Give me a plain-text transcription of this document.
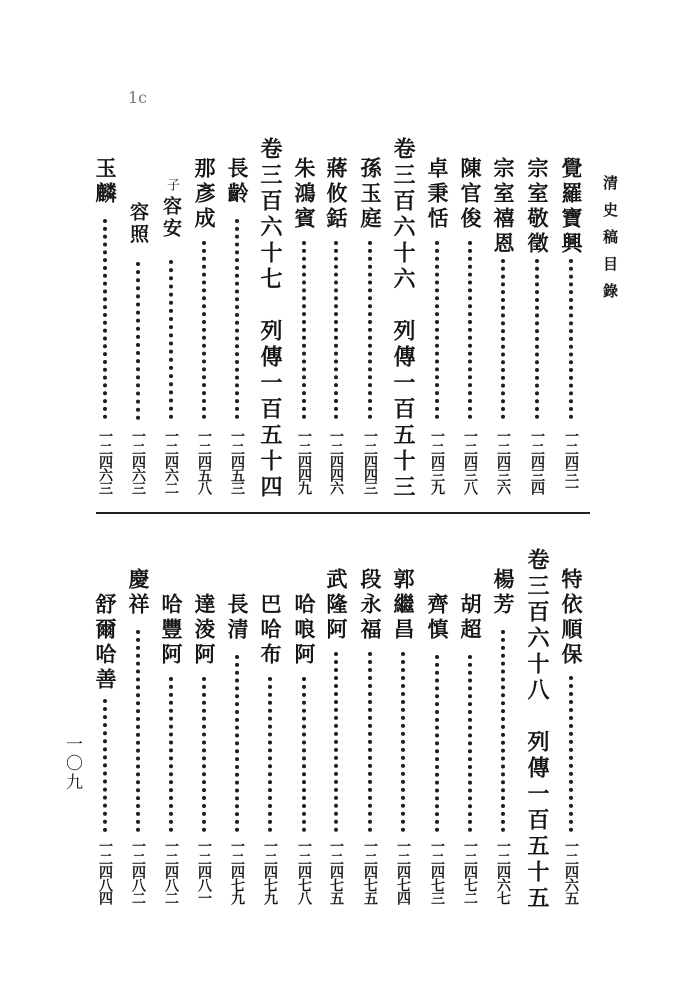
1c
清史稿目錄
一〇九
覺羅寶興
一二四三一
宗室敬徵
一二四三四
宗室禧恩
一二四三六
陳官俊
一二四三八
卓秉恬
一二四三九
卷三百六十六　列傳一百五十三
孫玉庭
一二四四三
蔣攸銛
一二四四六
朱鴻賓
一二四四九
卷三百六十七　列傳一百五十四
長齡
一二四五三
那彥成
一二四五八
子容安
一二四六二
容照
一二四六三
玉麟
一二四六三
特依順保
一二四六五
卷三百六十八　列傳一百五十五
楊芳
一二四六七
胡超
一二四七二
齊慎
一二四七三
郭繼昌
一二四七四
段永福
一二四七五
武隆阿
一二四七五
哈哴阿
一二四七八
巴哈布
一二四七九
長清
一二四七九
達淩阿
一二四八一
哈豐阿
一二四八二
慶祥
一二四八二
舒爾哈善
一二四八四
